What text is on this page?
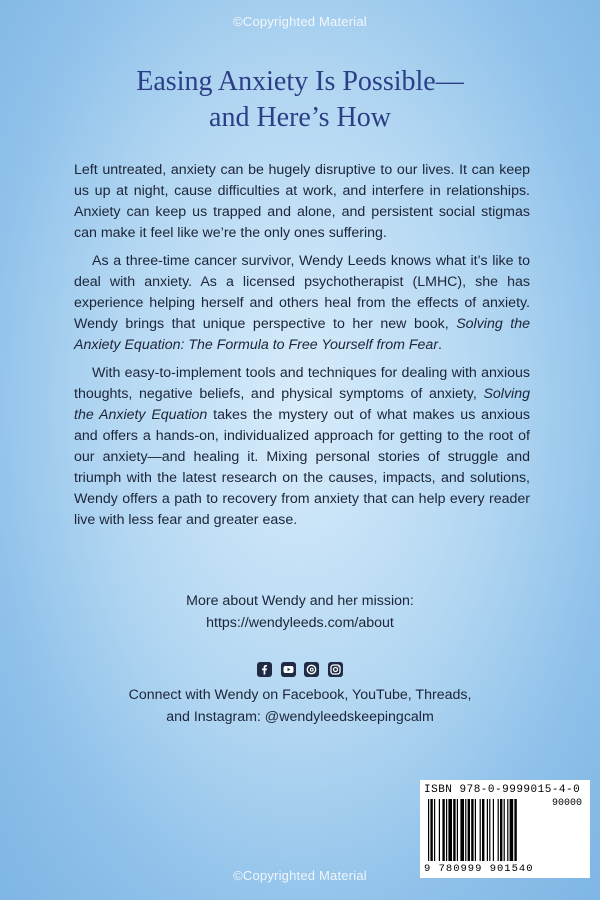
©Copyrighted Material
Easing Anxiety Is Possible—
and Here’s How

Left untreated, anxiety can be hugely disruptive to our lives. It can keep us up at night, cause difficulties at work, and interfere in relationships. Anxiety can keep us trapped and alone, and persistent social stigmas can make it feel like we’re the only ones suffering.

As a three-time cancer survivor, Wendy Leeds knows what it’s like to deal with anxiety. As a licensed psychotherapist (LMHC), she has experience helping herself and others heal from the effects of anxiety. Wendy brings that unique perspective to her new book, Solving the Anxiety Equation: The Formula to Free Yourself from Fear.

With easy-to-implement tools and techniques for dealing with anxious thoughts, negative beliefs, and physical symptoms of anxiety, Solving the Anxiety Equation takes the mystery out of what makes us anxious and offers a hands-on, individualized approach for getting to the root of our anxiety—and healing it. Mixing personal stories of struggle and triumph with the latest research on the causes, impacts, and solutions, Wendy offers a path to recovery from anxiety that can help every reader live with less fear and greater ease.

More about Wendy and her mission:
https://wendyleeds.com/about

Connect with Wendy on Facebook, YouTube, Threads,
and Instagram: @wendyleedskeepingcalm
ISBN 978-0-9999015-4-0
90000
9 780999 901540
©Copyrighted Material
